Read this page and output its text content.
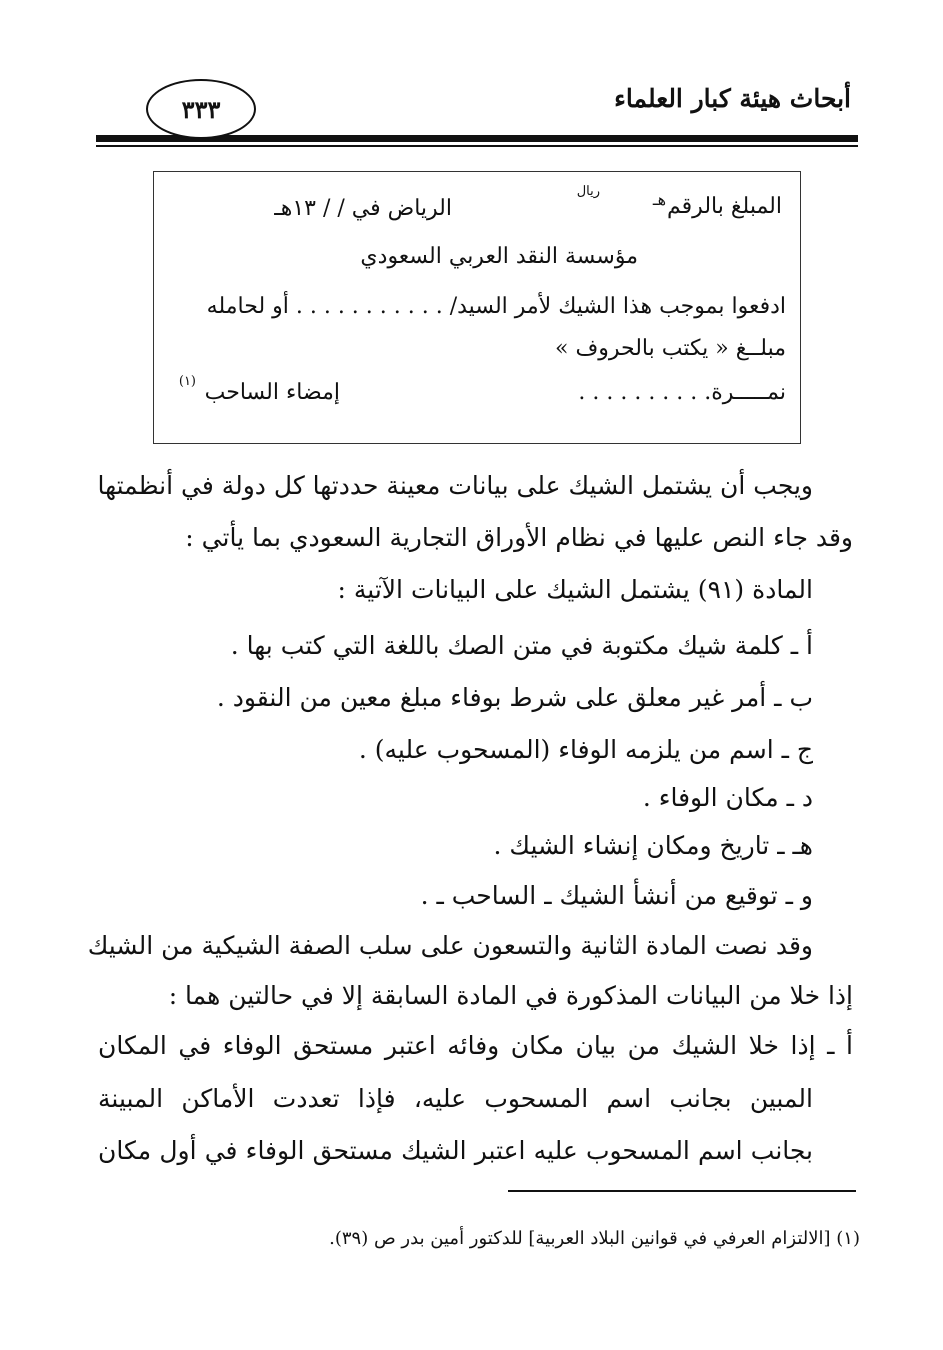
أبحاث هيئة كبار العلماء
٣٣٣
المبلغ بالرقم
هـ
ريال
الرياض في / / ١٣هـ
مؤسسة النقد العربي السعودي
ادفعوا بموجب هذا الشيك لأمر السيد/ . . . . . . . . . . . أو لحامله
مبلــغ « يكتب بالحروف »
نمـــــرة. . . . . . . . . .
إمضاء الساحب
(١)
ويجب أن يشتمل الشيك على بيانات معينة حددتها كل دولة في أنظمتها
وقد جاء النص عليها في نظام الأوراق التجارية السعودي بما يأتي :
المادة (٩١) يشتمل الشيك على البيانات الآتية :
أ ـ كلمة شيك مكتوبة في متن الصك باللغة التي كتب بها .
ب ـ أمر غير معلق على شرط بوفاء مبلغ معين من النقود .
ج ـ اسم من يلزمه الوفاء (المسحوب عليه) .
د ـ مكان الوفاء .
هـ ـ تاريخ ومكان إنشاء الشيك .
و ـ توقيع من أنشأ الشيك ـ الساحب ـ .
وقد نصت المادة الثانية والتسعون على سلب الصفة الشيكية من الشيك
إذا خلا من البيانات المذكورة في المادة السابقة إلا في حالتين هما :
أ ـ إذا خلا الشيك من بيان مكان وفائه اعتبر مستحق الوفاء في المكان
المبين بجانب اسم المسحوب عليه، فإذا تعددت الأماكن المبينة
بجانب اسم المسحوب عليه اعتبر الشيك مستحق الوفاء في أول مكان
(١) [الالتزام العرفي في قوانين البلاد العربية] للدكتور أمين بدر ص (٣٩).
